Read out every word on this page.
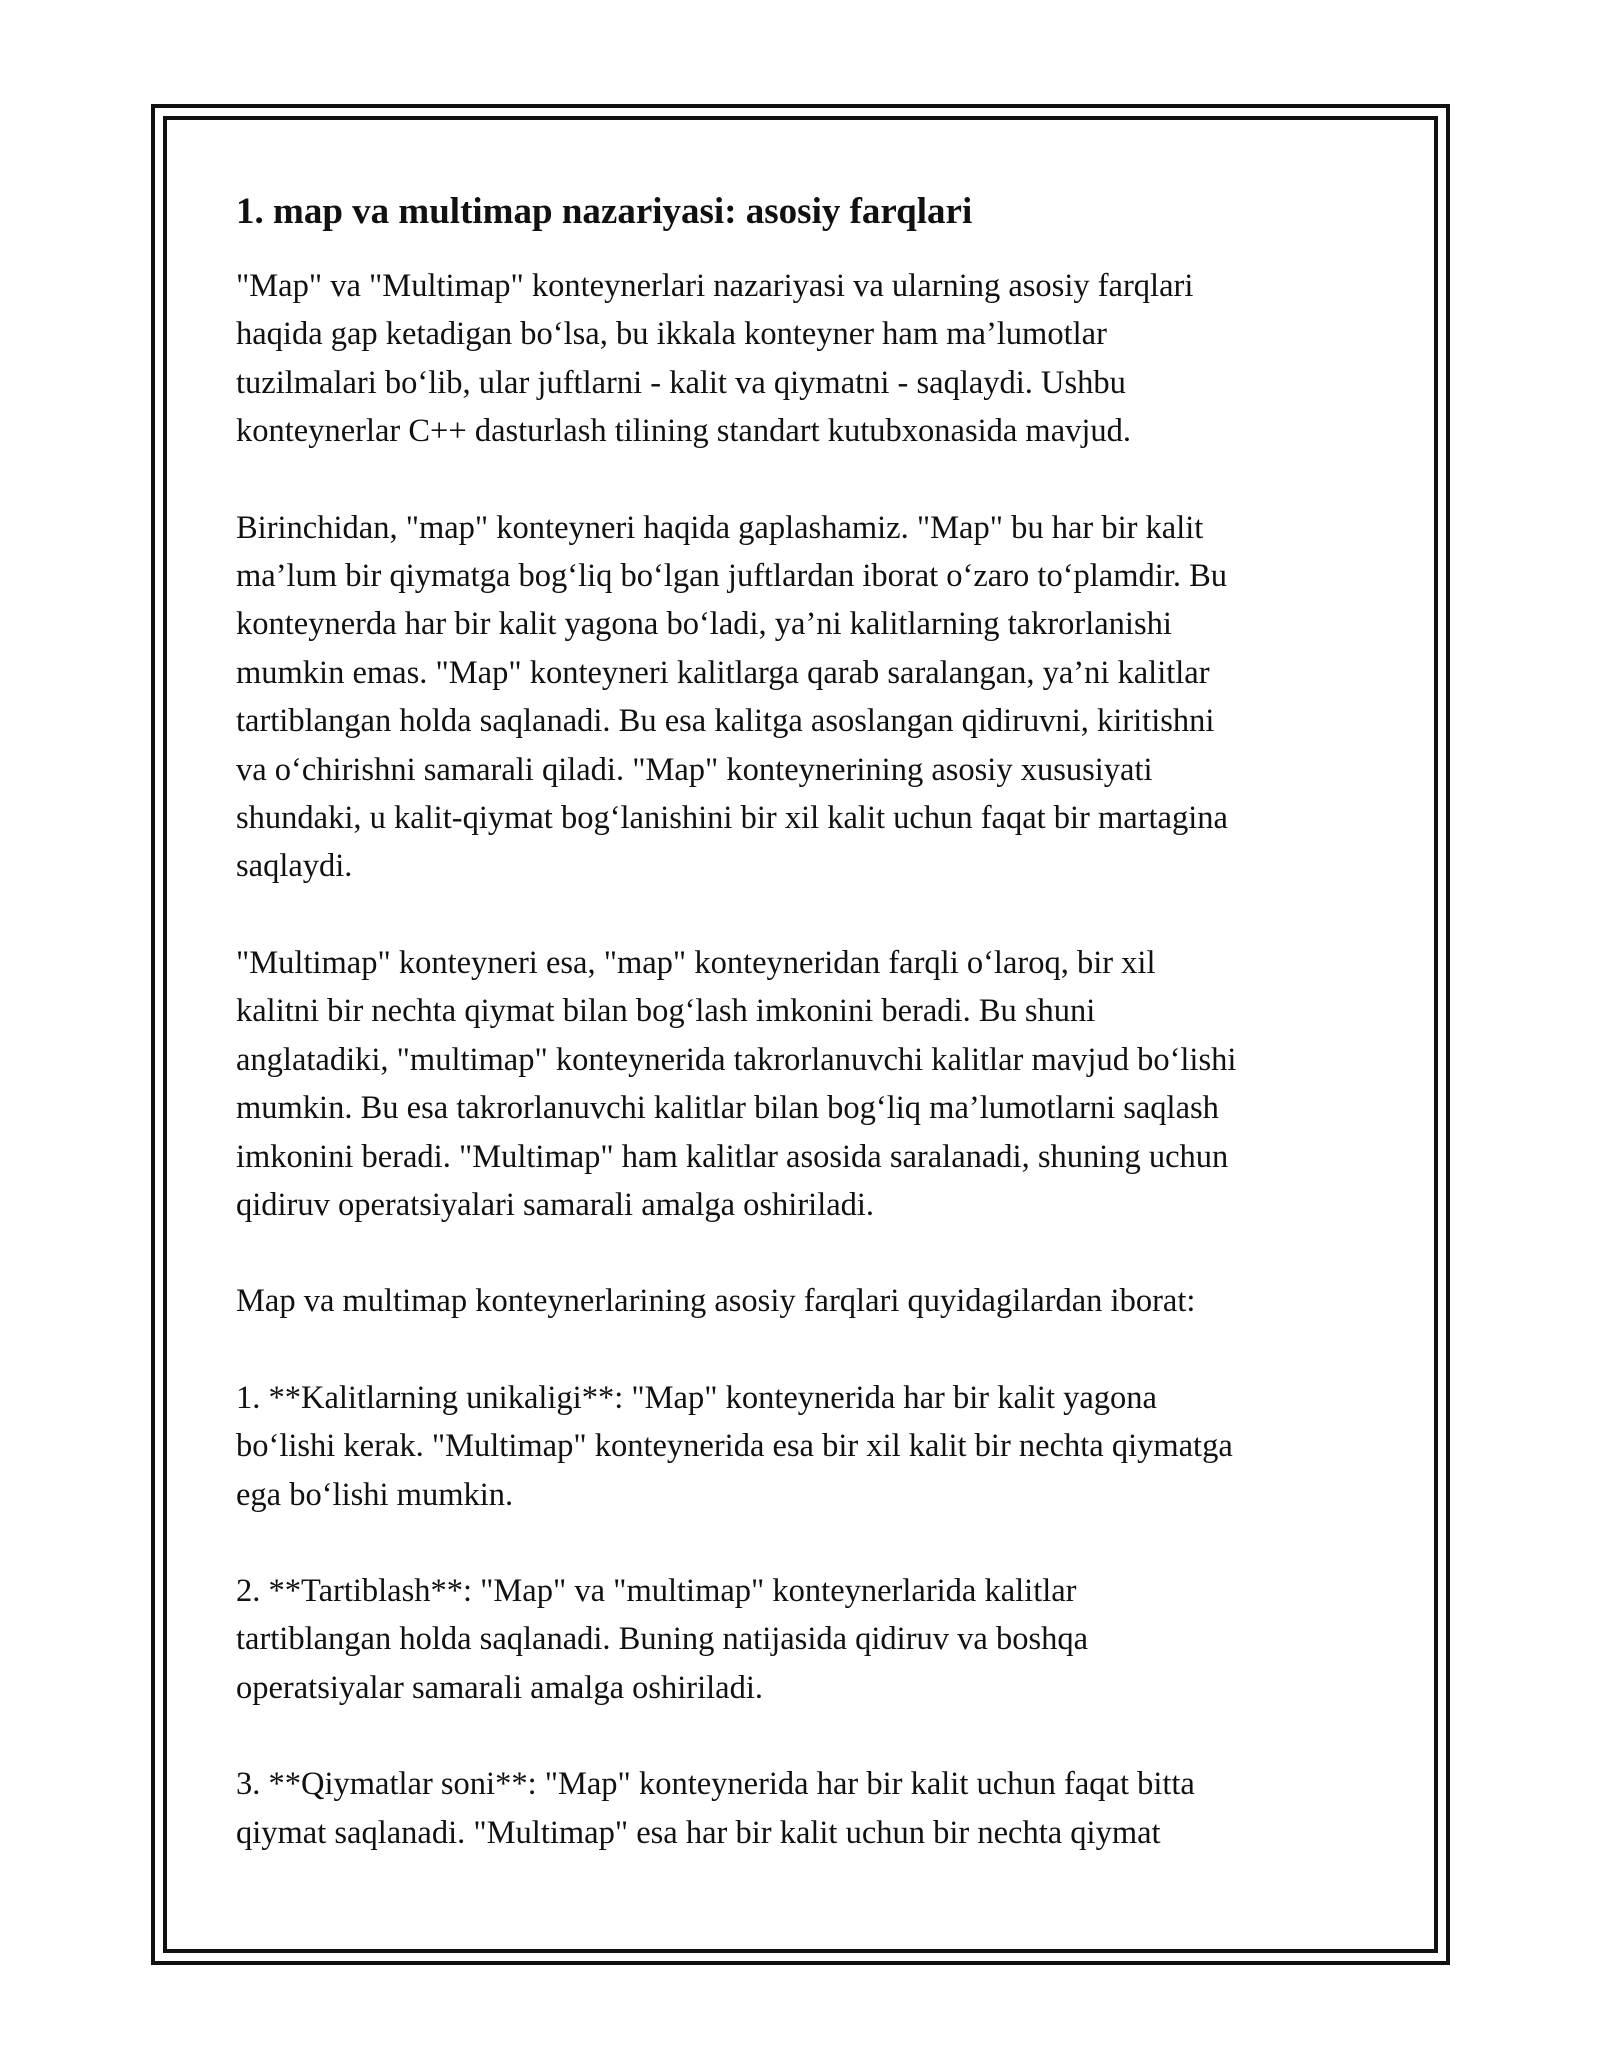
1. map va multimap nazariyasi: asosiy farqlari

"Map" va "Multimap" konteynerlari nazariyasi va ularning asosiy farqlari
haqida gap ketadigan bo‘lsa, bu ikkala konteyner ham ma’lumotlar
tuzilmalari bo‘lib, ular juftlarni - kalit va qiymatni - saqlaydi. Ushbu
konteynerlar C++ dasturlash tilining standart kutubxonasida mavjud.

Birinchidan, "map" konteyneri haqida gaplashamiz. "Map" bu har bir kalit
ma’lum bir qiymatga bog‘liq bo‘lgan juftlardan iborat o‘zaro to‘plamdir. Bu
konteynerda har bir kalit yagona bo‘ladi, ya’ni kalitlarning takrorlanishi
mumkin emas. "Map" konteyneri kalitlarga qarab saralangan, ya’ni kalitlar
tartiblangan holda saqlanadi. Bu esa kalitga asoslangan qidiruvni, kiritishni
va o‘chirishni samarali qiladi. "Map" konteynerining asosiy xususiyati
shundaki, u kalit-qiymat bog‘lanishini bir xil kalit uchun faqat bir martagina
saqlaydi.

"Multimap" konteyneri esa, "map" konteyneridan farqli o‘laroq, bir xil
kalitni bir nechta qiymat bilan bog‘lash imkonini beradi. Bu shuni
anglatadiki, "multimap" konteynerida takrorlanuvchi kalitlar mavjud bo‘lishi
mumkin. Bu esa takrorlanuvchi kalitlar bilan bog‘liq ma’lumotlarni saqlash
imkonini beradi. "Multimap" ham kalitlar asosida saralanadi, shuning uchun
qidiruv operatsiyalari samarali amalga oshiriladi.

Map va multimap konteynerlarining asosiy farqlari quyidagilardan iborat:

1. **Kalitlarning unikaligi**: "Map" konteynerida har bir kalit yagona
bo‘lishi kerak. "Multimap" konteynerida esa bir xil kalit bir nechta qiymatga
ega bo‘lishi mumkin.

2. **Tartiblash**: "Map" va "multimap" konteynerlarida kalitlar
tartiblangan holda saqlanadi. Buning natijasida qidiruv va boshqa
operatsiyalar samarali amalga oshiriladi.

3. **Qiymatlar soni**: "Map" konteynerida har bir kalit uchun faqat bitta
qiymat saqlanadi. "Multimap" esa har bir kalit uchun bir nechta qiymat
